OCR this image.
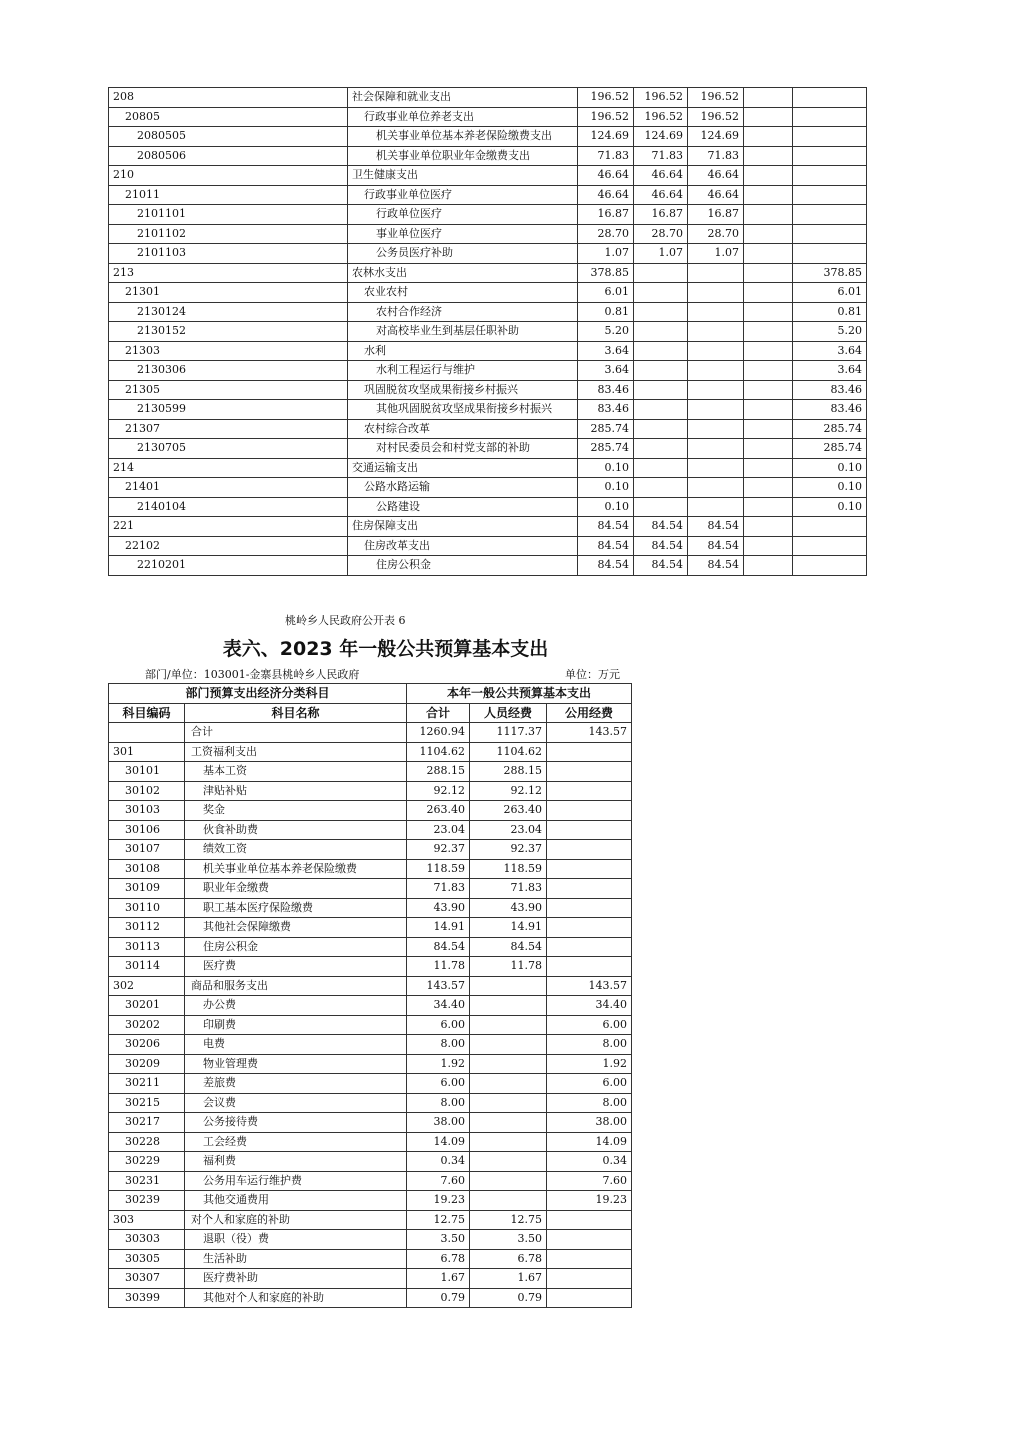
208	社会保障和就业支出	196.52	196.52	196.52		
20805	行政事业单位养老支出	196.52	196.52	196.52		
2080505	机关事业单位基本养老保险缴费支出	124.69	124.69	124.69		
2080506	机关事业单位职业年金缴费支出	71.83	71.83	71.83		
210	卫生健康支出	46.64	46.64	46.64		
21011	行政事业单位医疗	46.64	46.64	46.64		
2101101	行政单位医疗	16.87	16.87	16.87		
2101102	事业单位医疗	28.70	28.70	28.70		
2101103	公务员医疗补助	1.07	1.07	1.07		
213	农林水支出	378.85				378.85
21301	农业农村	6.01				6.01
2130124	农村合作经济	0.81				0.81
2130152	对高校毕业生到基层任职补助	5.20				5.20
21303	水利	3.64				3.64
2130306	水利工程运行与维护	3.64				3.64
21305	巩固脱贫攻坚成果衔接乡村振兴	83.46				83.46
2130599	其他巩固脱贫攻坚成果衔接乡村振兴	83.46				83.46
21307	农村综合改革	285.74				285.74
2130705	对村民委员会和村党支部的补助	285.74				285.74
214	交通运输支出	0.10				0.10
21401	公路水路运输	0.10				0.10
2140104	公路建设	0.10				0.10
221	住房保障支出	84.54	84.54	84.54		
22102	住房改革支出	84.54	84.54	84.54		
2210201	住房公积金	84.54	84.54	84.54		
桃岭乡人民政府公开表 6
表六、2023 年一般公共预算基本支出
部门/单位：103001-金寨县桃岭乡人民政府	单位：万元
部门预算支出经济分类科目		本年一般公共预算基本支出		
科目编码	科目名称	合计	人员经费	公用经费
	合计	1260.94	1117.37	143.57
301	工资福利支出	1104.62	1104.62	
30101	基本工资	288.15	288.15	
30102	津贴补贴	92.12	92.12	
30103	奖金	263.40	263.40	
30106	伙食补助费	23.04	23.04	
30107	绩效工资	92.37	92.37	
30108	机关事业单位基本养老保险缴费	118.59	118.59	
30109	职业年金缴费	71.83	71.83	
30110	职工基本医疗保险缴费	43.90	43.90	
30112	其他社会保障缴费	14.91	14.91	
30113	住房公积金	84.54	84.54	
30114	医疗费	11.78	11.78	
302	商品和服务支出	143.57		143.57
30201	办公费	34.40		34.40
30202	印刷费	6.00		6.00
30206	电费	8.00		8.00
30209	物业管理费	1.92		1.92
30211	差旅费	6.00		6.00
30215	会议费	8.00		8.00
30217	公务接待费	38.00		38.00
30228	工会经费	14.09		14.09
30229	福利费	0.34		0.34
30231	公务用车运行维护费	7.60		7.60
30239	其他交通费用	19.23		19.23
303	对个人和家庭的补助	12.75	12.75	
30303	退职（役）费	3.50	3.50	
30305	生活补助	6.78	6.78	
30307	医疗费补助	1.67	1.67	
30399	其他对个人和家庭的补助	0.79	0.79	
